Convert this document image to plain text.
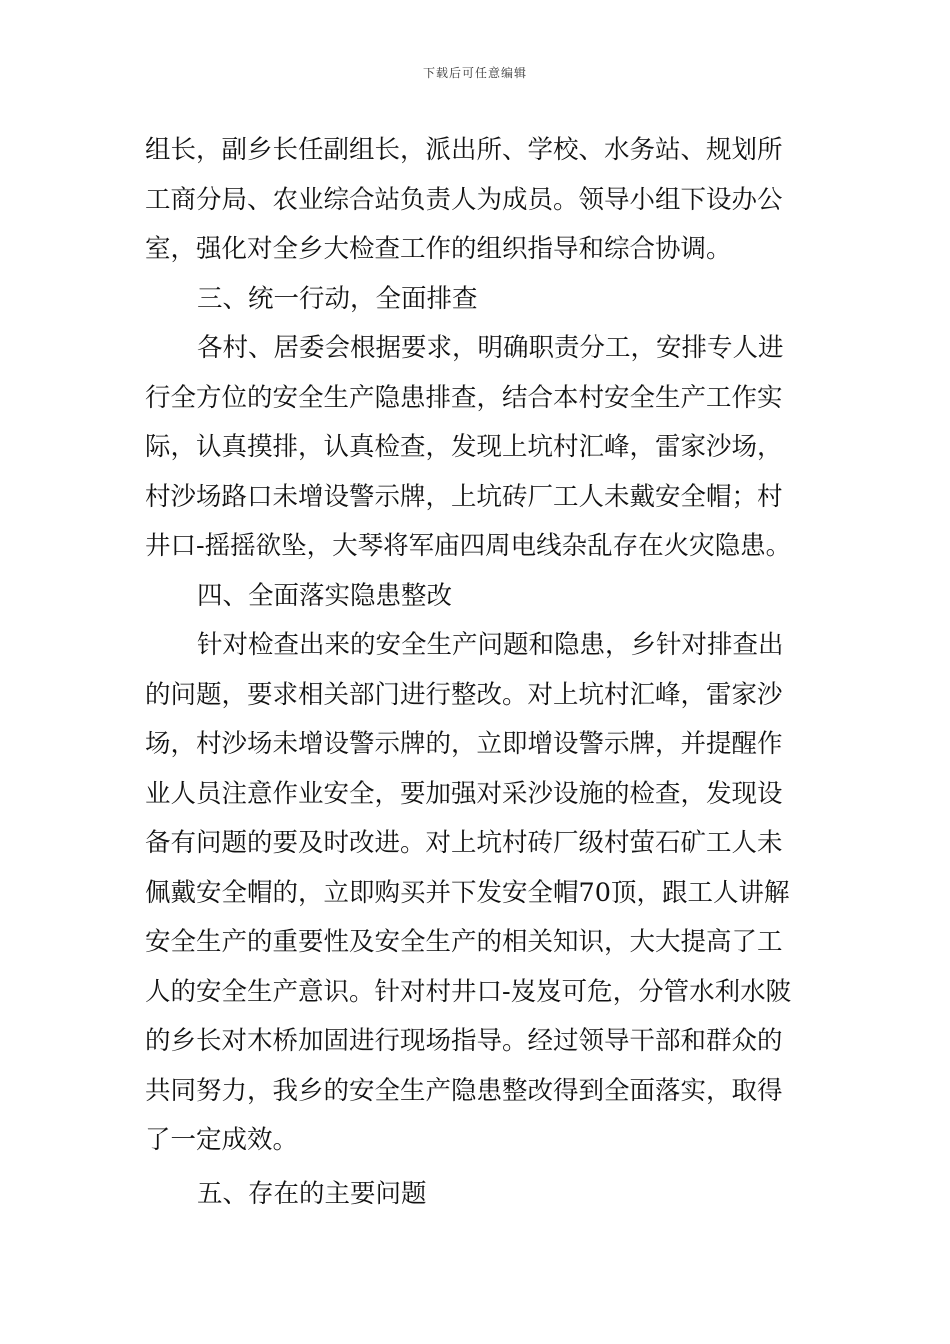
下载后可任意编辑
组长，副乡长任副组长，派出所、学校、水务站、规划所
工商分局、农业综合站负责人为成员。领导小组下设办公
室，强化对全乡大检查工作的组织指导和综合协调。
三、统一行动，全面排查
各村、居委会根据要求，明确职责分工，安排专人进
行全方位的安全生产隐患排查，结合本村安全生产工作实
际，认真摸排，认真检查，发现上坑村汇峰，雷家沙场，
村沙场路口未增设警示牌，上坑砖厂工人未戴安全帽；村
井口-摇摇欲坠，大琴将军庙四周电线杂乱存在火灾隐患。
四、全面落实隐患整改
针对检查出来的安全生产问题和隐患，乡针对排查出
的问题，要求相关部门进行整改。对上坑村汇峰，雷家沙
场，村沙场未增设警示牌的，立即增设警示牌，并提醒作
业人员注意作业安全，要加强对采沙设施的检查，发现设
备有问题的要及时改进。对上坑村砖厂级村萤石矿工人未
佩戴安全帽的，立即购买并下发安全帽70顶，跟工人讲解
安全生产的重要性及安全生产的相关知识，大大提高了工
人的安全生产意识。针对村井口-岌岌可危，分管水利水陂
的乡长对木桥加固进行现场指导。经过领导干部和群众的
共同努力，我乡的安全生产隐患整改得到全面落实，取得
了一定成效。
五、存在的主要问题
